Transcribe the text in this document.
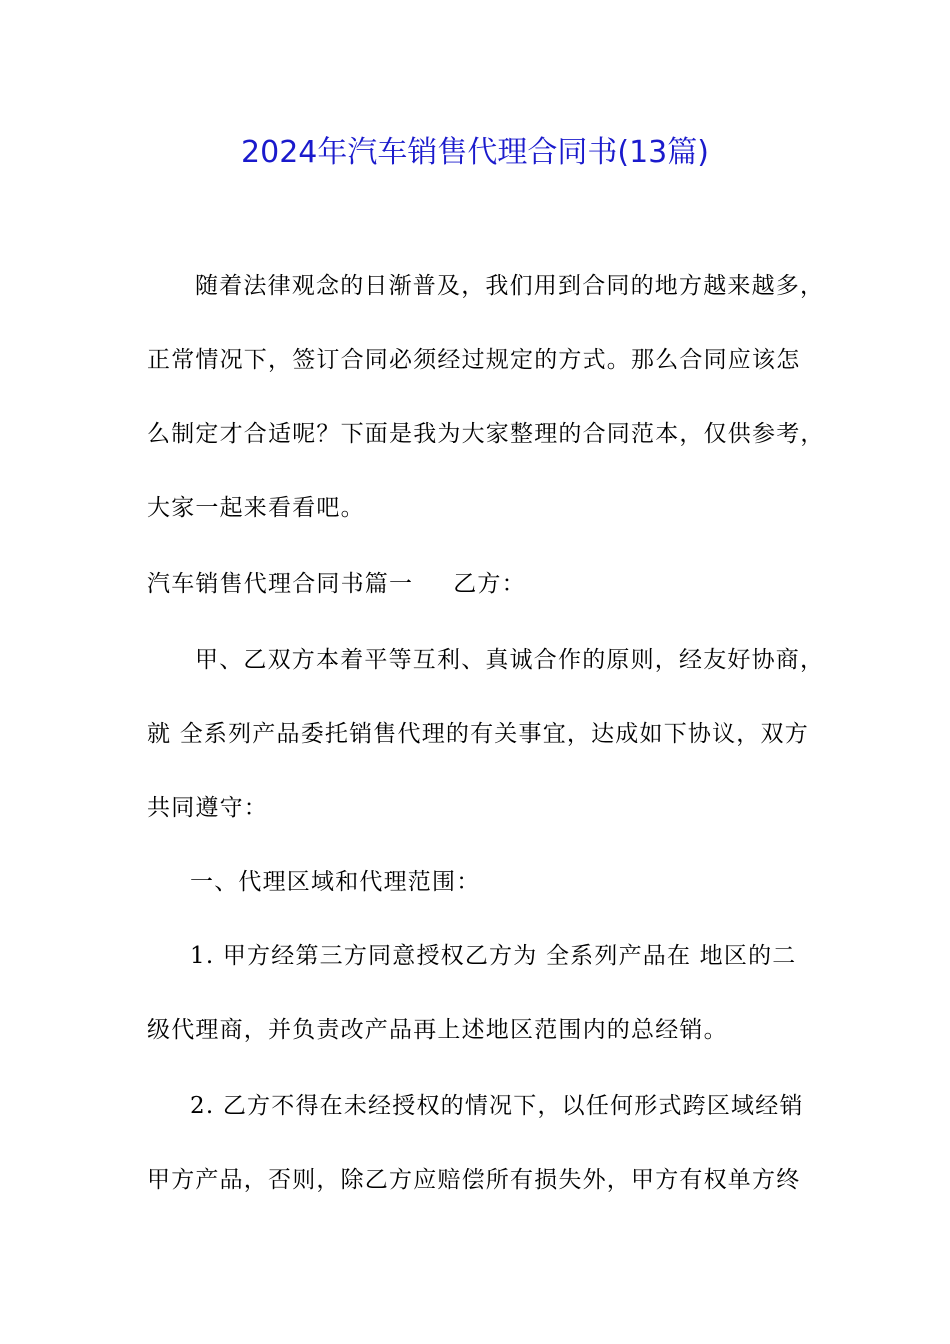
2024年汽车销售代理合同书(13篇)
随着法律观念的日渐普及，我们用到合同的地方越来越多，
正常情况下，签订合同必须经过规定的方式。那么合同应该怎
么制定才合适呢？下面是我为大家整理的合同范本，仅供参考，
大家一起来看看吧。
汽车销售代理合同书篇一 乙方：
甲、乙双方本着平等互利、真诚合作的原则，经友好协商，
就 全系列产品委托销售代理的有关事宜，达成如下协议，双方
共同遵守：
一、代理区域和代理范围：
1. 甲方经第三方同意授权乙方为 全系列产品在 地区的二
级代理商，并负责改产品再上述地区范围内的总经销。
2. 乙方不得在未经授权的情况下，以任何形式跨区域经销
甲方产品，否则，除乙方应赔偿所有损失外，甲方有权单方终
